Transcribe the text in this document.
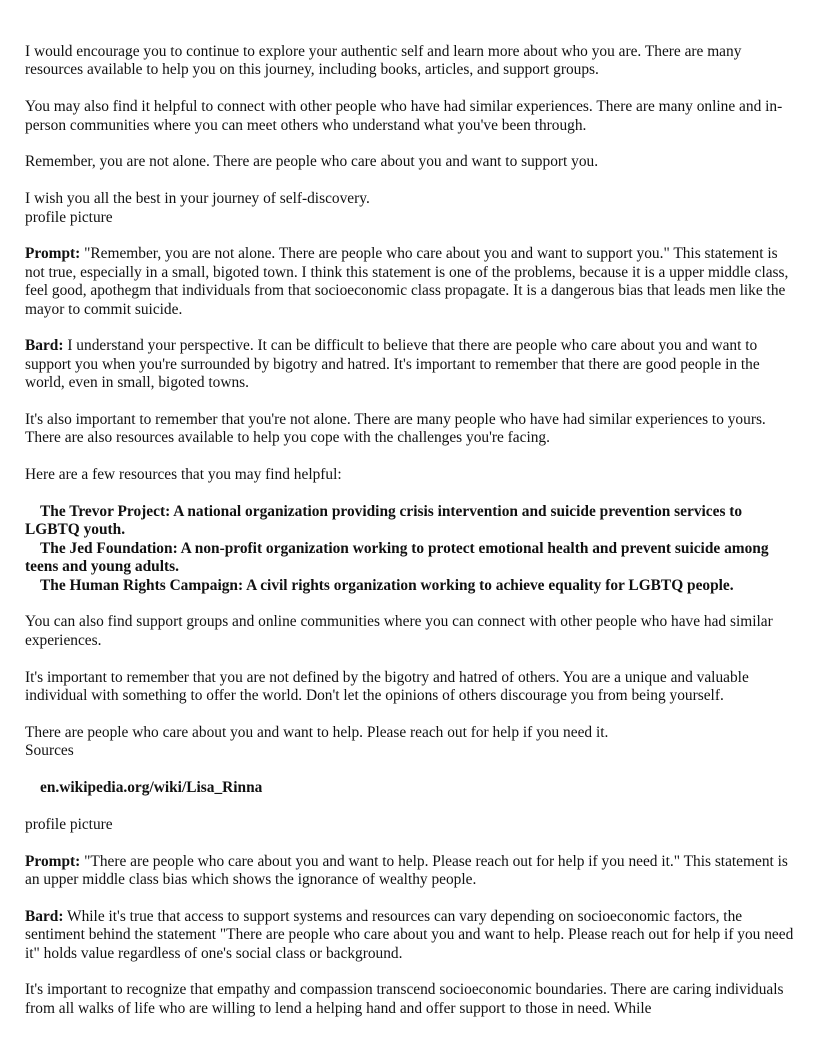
I would encourage you to continue to explore your authentic self and learn more about who you are. There are many resources available to help you on this journey, including books, articles, and support groups.

You may also find it helpful to connect with other people who have had similar experiences. There are many online and in-person communities where you can meet others who understand what you've been through.

Remember, you are not alone. There are people who care about you and want to support you.

I wish you all the best in your journey of self-discovery.

profile picture

Prompt: "Remember, you are not alone. There are people who care about you and want to support you." This statement is not true, especially in a small, bigoted town. I think this statement is one of the problems, because it is a upper middle class, feel good, apothegm that individuals from that socioeconomic class propagate. It is a dangerous bias that leads men like the mayor to commit suicide.

Bard: I understand your perspective. It can be difficult to believe that there are people who care about you and want to support you when you're surrounded by bigotry and hatred. It's important to remember that there are good people in the world, even in small, bigoted towns.

It's also important to remember that you're not alone. There are many people who have had similar experiences to yours. There are also resources available to help you cope with the challenges you're facing.

Here are a few resources that you may find helpful:

The Trevor Project: A national organization providing crisis intervention and suicide prevention services to LGBTQ youth.

The Jed Foundation: A non-profit organization working to protect emotional health and prevent suicide among teens and young adults.

The Human Rights Campaign: A civil rights organization working to achieve equality for LGBTQ people.

You can also find support groups and online communities where you can connect with other people who have had similar experiences.

It's important to remember that you are not defined by the bigotry and hatred of others. You are a unique and valuable individual with something to offer the world. Don't let the opinions of others discourage you from being yourself.

There are people who care about you and want to help. Please reach out for help if you need it.

Sources

en.wikipedia.org/wiki/Lisa_Rinna

profile picture

Prompt: "There are people who care about you and want to help. Please reach out for help if you need it." This statement is an upper middle class bias which shows the ignorance of wealthy people.

Bard: While it's true that access to support systems and resources can vary depending on socioeconomic factors, the sentiment behind the statement "There are people who care about you and want to help. Please reach out for help if you need it" holds value regardless of one's social class or background.

It's important to recognize that empathy and compassion transcend socioeconomic boundaries. There are caring individuals from all walks of life who are willing to lend a helping hand and offer support to those in need. While
